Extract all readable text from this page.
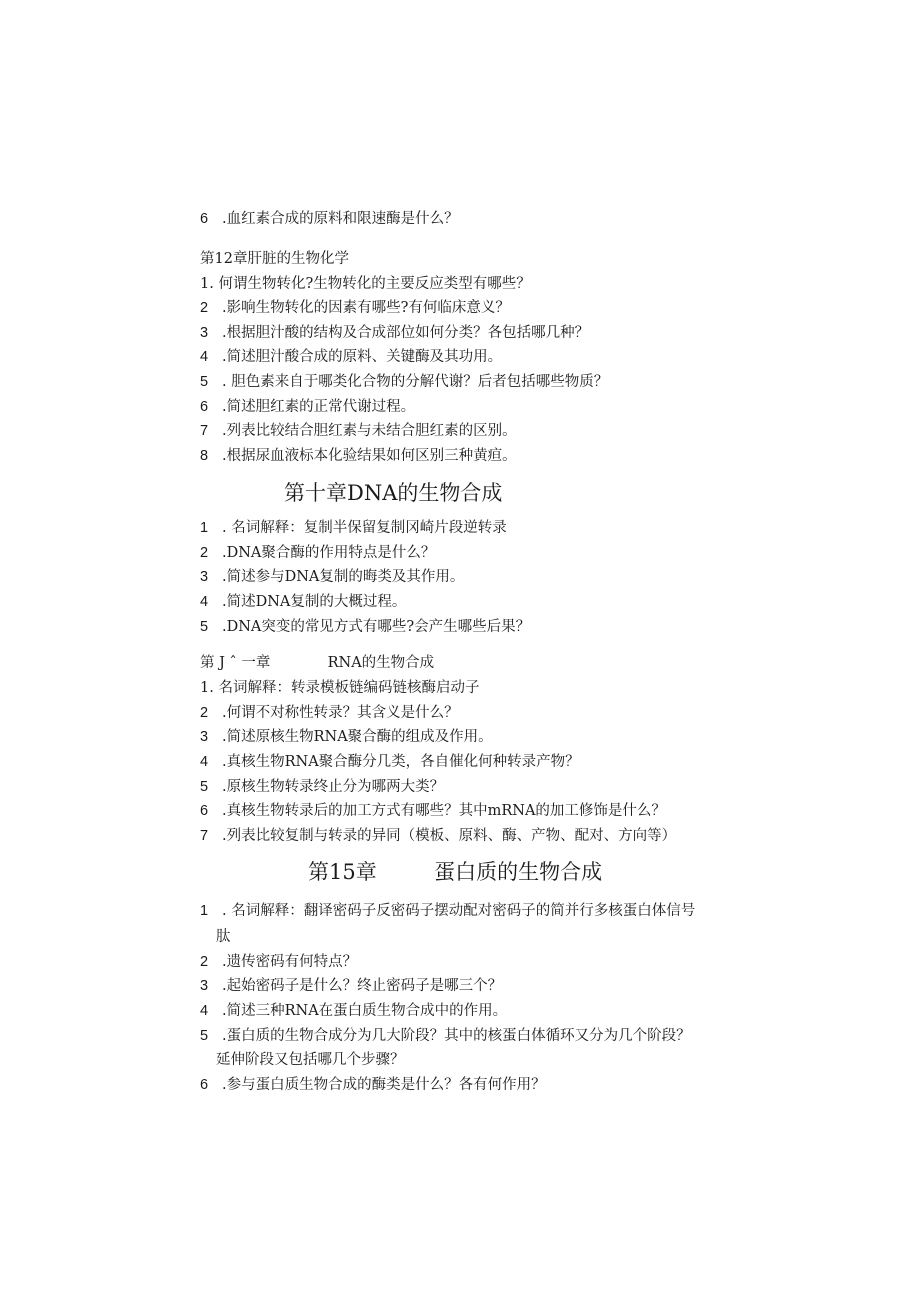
6 .血红素合成的原料和限速酶是什么？
第12章肝脏的生物化学
1. 何谓生物转化?生物转化的主要反应类型有哪些？
2 .影响生物转化的因素有哪些?有何临床意义？
3 .根据胆汁酸的结构及合成部位如何分类？各包括哪几种？
4 .简述胆汁酸合成的原料、关键酶及其功用。
5 . 胆色素来自于哪类化合物的分解代谢？后者包括哪些物质？
6 .简述胆红素的正常代谢过程。
7 .列表比较结合胆红素与未结合胆红素的区别。
8 .根据尿血液标本化验结果如何区别三种黄疸。
第十章DNA的生物合成
1 . 名词解释：复制半保留复制冈崎片段逆转录
2 .DNA聚合酶的作用特点是什么？
3 .简述参与DNA复制的晦类及其作用。
4 .简述DNA复制的大概过程。
5 .DNA突变的常见方式有哪些?会产生哪些后果？
第 J ˆ 一章	RNA的生物合成
1. 名词解释：转录模板链编码链核酶启动子
2 .何谓不对称性转录？其含义是什么？
3 .简述原核生物RNA聚合酶的组成及作用。
4 .真核生物RNA聚合酶分几类，各自催化何种转录产物？
5 .原核生物转录终止分为哪两大类？
6 .真核生物转录后的加工方式有哪些？其中mRNA的加工修饰是什么？
7 .列表比较复制与转录的异同（模板、原料、酶、产物、配对、方向等）
第15章	蛋白质的生物合成
1 . 名词解释：翻译密码子反密码子摆动配对密码子的简并行多核蛋白体信号
肽
2 .遗传密码有何特点？
3 .起始密码子是什么？终止密码子是哪三个？
4 .简述三种RNA在蛋白质生物合成中的作用。
5 .蛋白质的生物合成分为几大阶段？其中的核蛋白体循环又分为几个阶段？
延伸阶段又包括哪几个步骤？
6 .参与蛋白质生物合成的酶类是什么？各有何作用？
